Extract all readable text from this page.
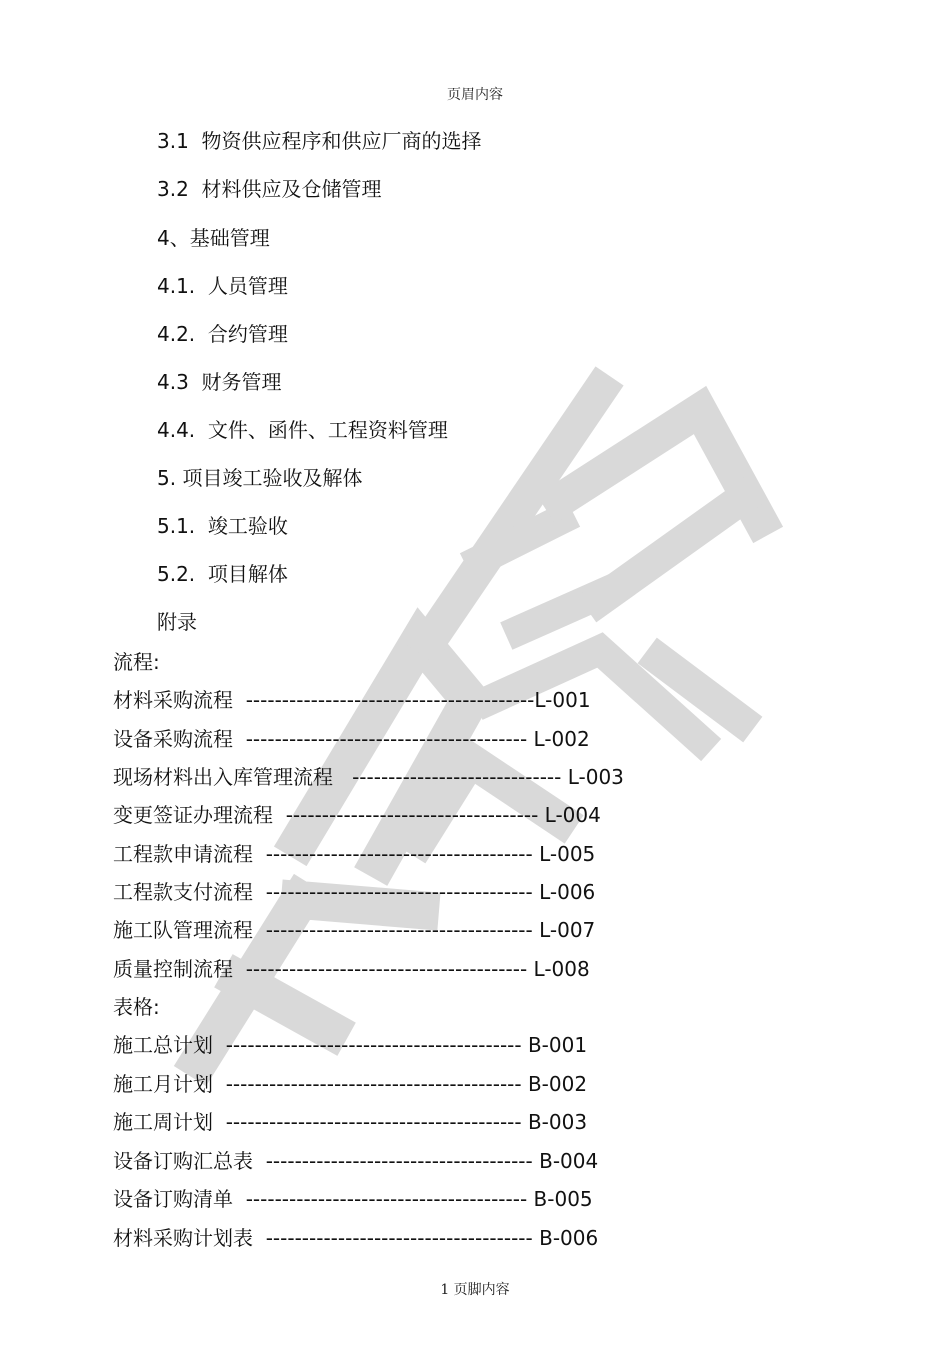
页眉内容
3.1  物资供应程序和供应厂商的选择
3.2  材料供应及仓储管理
4、基础管理
4.1.  人员管理
4.2.  合约管理
4.3  财务管理
4.4.  文件、函件、工程资料管理
5. 项目竣工验收及解体
5.1.  竣工验收
5.2.  项目解体
附录
流程:
材料采购流程  ----------------------------------------L-001
设备采购流程  --------------------------------------- L-002
现场材料出入库管理流程   ----------------------------- L-003
变更签证办理流程  ----------------------------------- L-004
工程款申请流程  ------------------------------------- L-005
工程款支付流程  ------------------------------------- L-006
施工队管理流程  ------------------------------------- L-007
质量控制流程  --------------------------------------- L-008
表格:
施工总计划  ----------------------------------------- B-001
施工月计划  ----------------------------------------- B-002
施工周计划  ----------------------------------------- B-003
设备订购汇总表  ------------------------------------- B-004
设备订购清单  --------------------------------------- B-005
材料采购计划表  ------------------------------------- B-006
1 页脚内容
